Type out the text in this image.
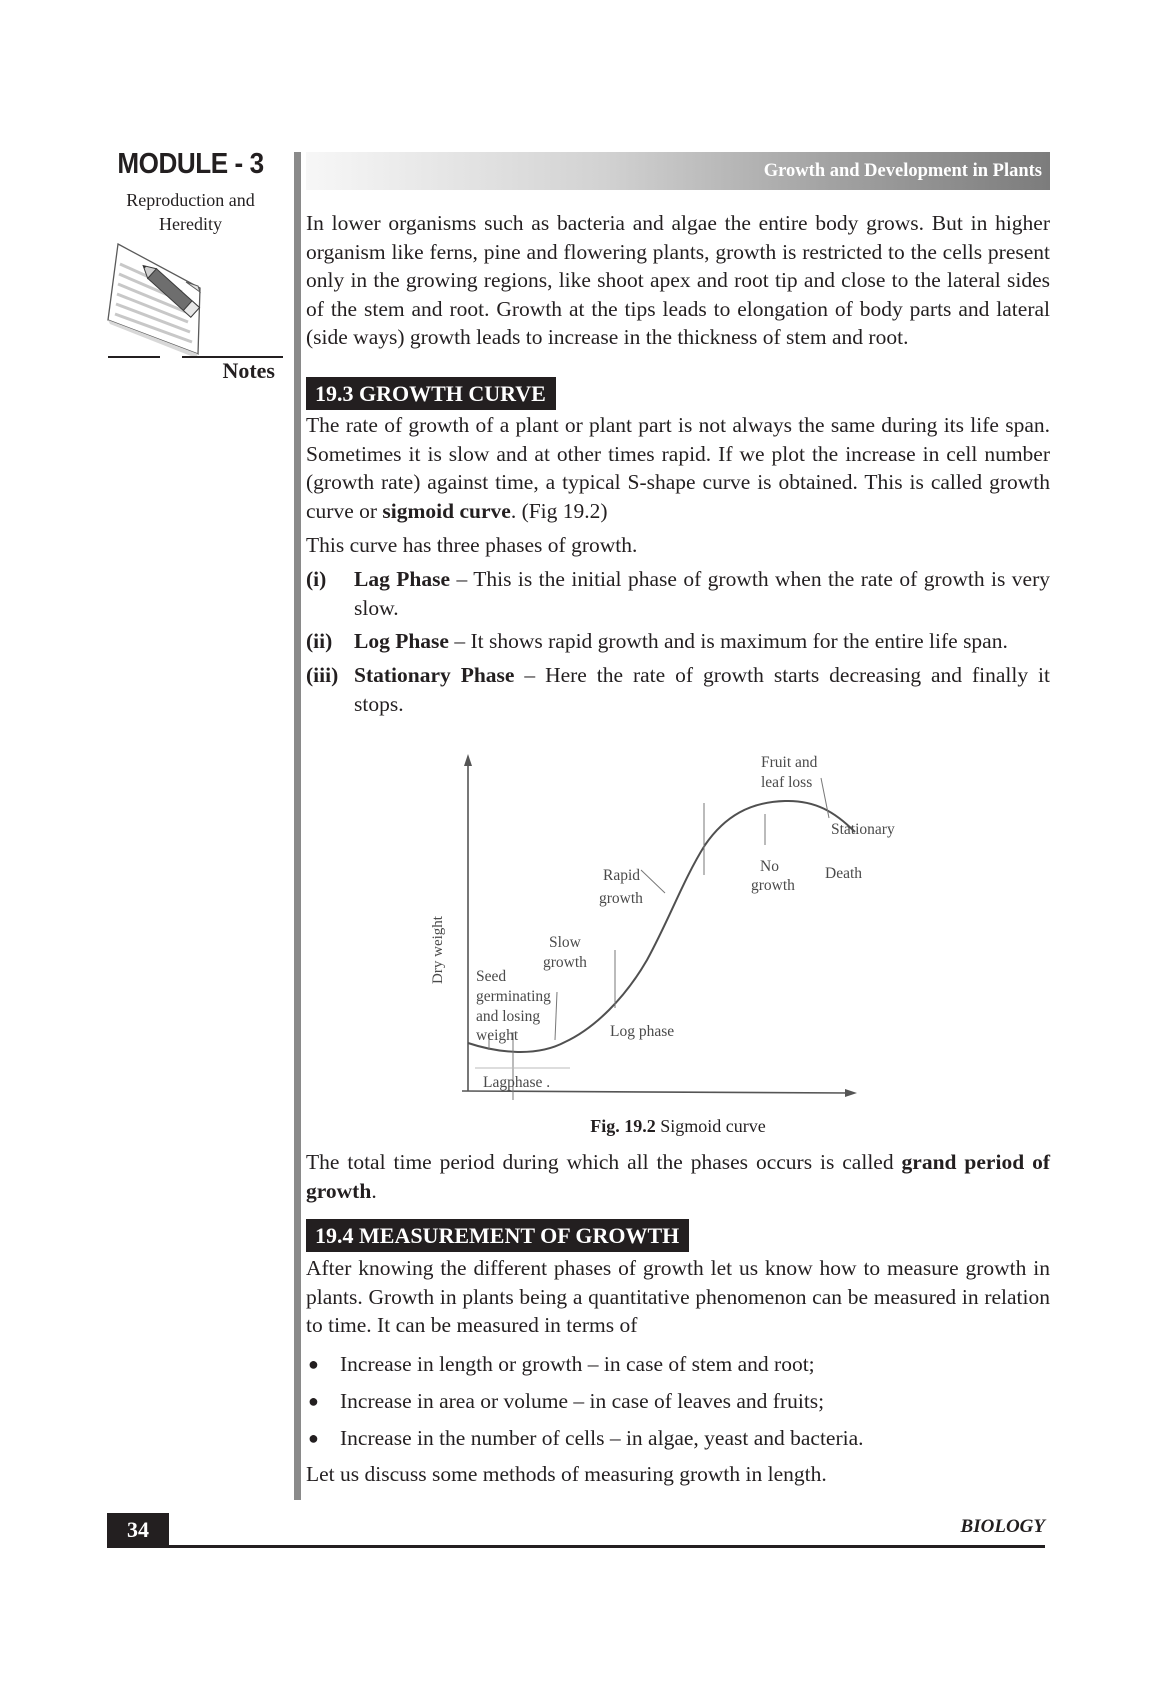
MODULE - 3
Reproduction and
Heredity
Notes
Growth and Development in Plants
In lower organisms such as bacteria and algae the entire body grows. But in higher organism like ferns, pine and flowering plants, growth is restricted to the cells present only in the growing regions, like shoot apex and root tip and close to the lateral sides of the stem and root. Growth at the tips leads to elongation of body parts and lateral (side ways) growth leads to increase in the thickness of stem and root.
19.3 GROWTH CURVE
The rate of growth of a plant or plant part is not always the same during its life span. Sometimes it is slow and at other times rapid. If we plot the increase in cell number (growth rate) against time, a typical S-shape curve is obtained. This is called growth curve or sigmoid curve. (Fig 19.2)
This curve has three phases of growth.
(i) Lag Phase – This is the initial phase of growth when the rate of growth is very slow.
(ii) Log Phase – It shows rapid growth and is maximum for the entire life span.
(iii) Stationary Phase – Here the rate of growth starts decreasing and finally it stops.
Dry weight Seed
germinating
and losing
weight
Lagphase .
Slow
growth
Log phase
Rapid
growth
Fruit and
leaf loss
Stationary
No
growth
Death
Fig. 19.2 Sigmoid curve
The total time period during which all the phases occurs is called grand period of growth.
19.4 MEASUREMENT OF GROWTH
After knowing the different phases of growth let us know how to measure growth in plants. Growth in plants being a quantitative phenomenon can be measured in relation to time. It can be measured in terms of
● Increase in length or growth – in case of stem and root;
● Increase in area or volume – in case of leaves and fruits;
● Increase in the number of cells – in algae, yeast and bacteria.
Let us discuss some methods of measuring growth in length.
34	BIOLOGY
